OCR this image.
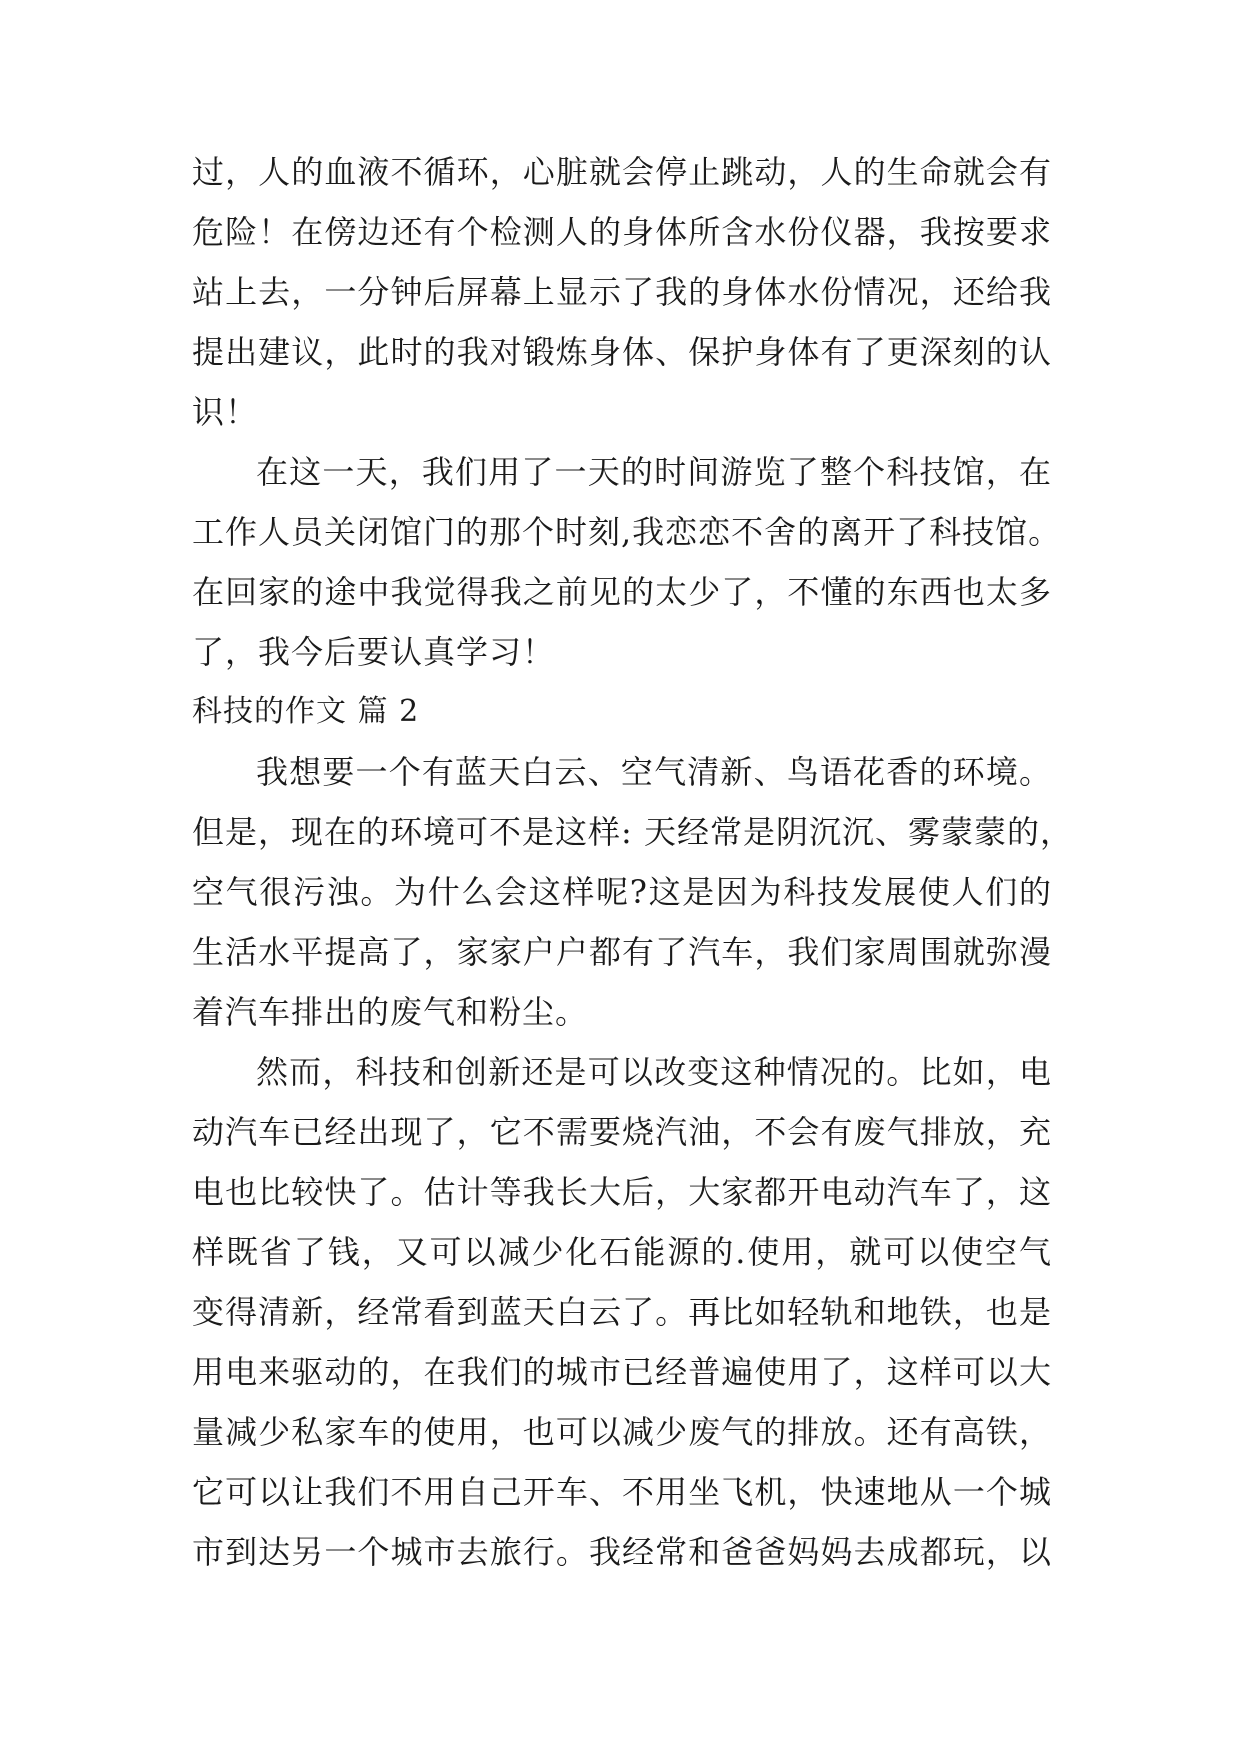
过，人的血液不循环，心脏就会停止跳动，人的生命就会有
危险！在傍边还有个检测人的身体所含水份仪器，我按要求
站上去，一分钟后屏幕上显示了我的身体水份情况，还给我
提出建议，此时的我对锻炼身体、保护身体有了更深刻的认
识！
在这一天，我们用了一天的时间游览了整个科技馆，在
工作人员关闭馆门的那个时刻,我恋恋不舍的离开了科技馆。
在回家的途中我觉得我之前见的太少了，不懂的东西也太多
了，我今后要认真学习！
科技的作文 篇 2
我想要一个有蓝天白云、空气清新、鸟语花香的环境。
但是，现在的环境可不是这样: 天经常是阴沉沉、雾蒙蒙的，
空气很污浊。为什么会这样呢?这是因为科技发展使人们的
生活水平提高了，家家户户都有了汽车，我们家周围就弥漫
着汽车排出的废气和粉尘。
然而，科技和创新还是可以改变这种情况的。比如，电
动汽车已经出现了，它不需要烧汽油，不会有废气排放，充
电也比较快了。估计等我长大后，大家都开电动汽车了，这
样既省了钱，又可以减少化石能源的.使用，就可以使空气
变得清新，经常看到蓝天白云了。再比如轻轨和地铁，也是
用电来驱动的，在我们的城市已经普遍使用了，这样可以大
量减少私家车的使用，也可以减少废气的排放。还有高铁，
它可以让我们不用自己开车、不用坐飞机，快速地从一个城
市到达另一个城市去旅行。我经常和爸爸妈妈去成都玩，以
